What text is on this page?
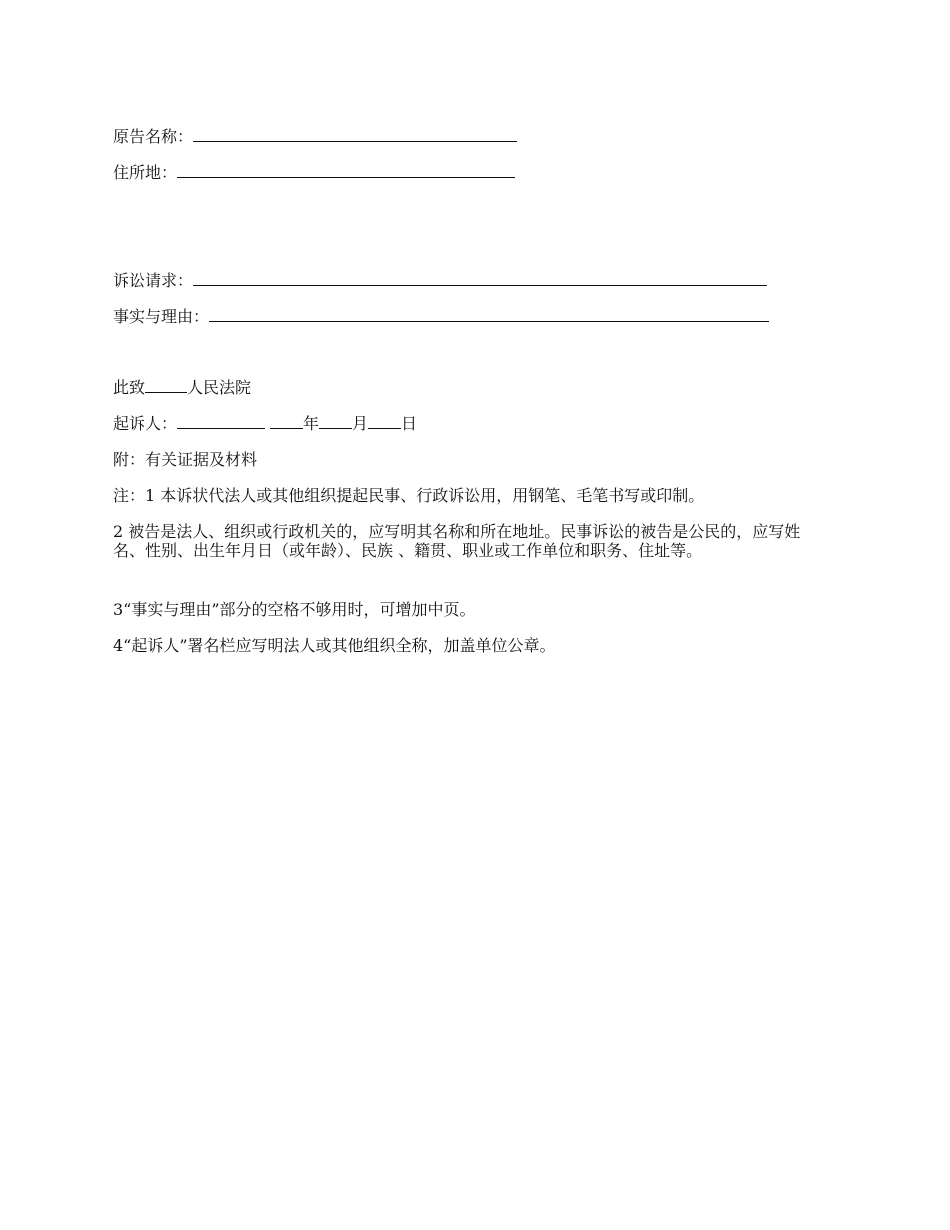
原告名称：
住所地：
诉讼请求：
事实与理由：
此致	人民法院
起诉人：	年 月 日
附：有关证据及材料
注：1 本诉状代法人或其他组织提起民事、行政诉讼用，用钢笔、毛笔书写或印制。
2 被告是法人、组织或行政机关的，应写明其名称和所在地址。民事诉讼的被告是公民的，应写姓名、性别、出生年月日（或年龄）、民族 、籍贯、职业或工作单位和职务、住址等。
3“事实与理由”部分的空格不够用时，可增加中页。
4“起诉人”署名栏应写明法人或其他组织全称，加盖单位公章。
